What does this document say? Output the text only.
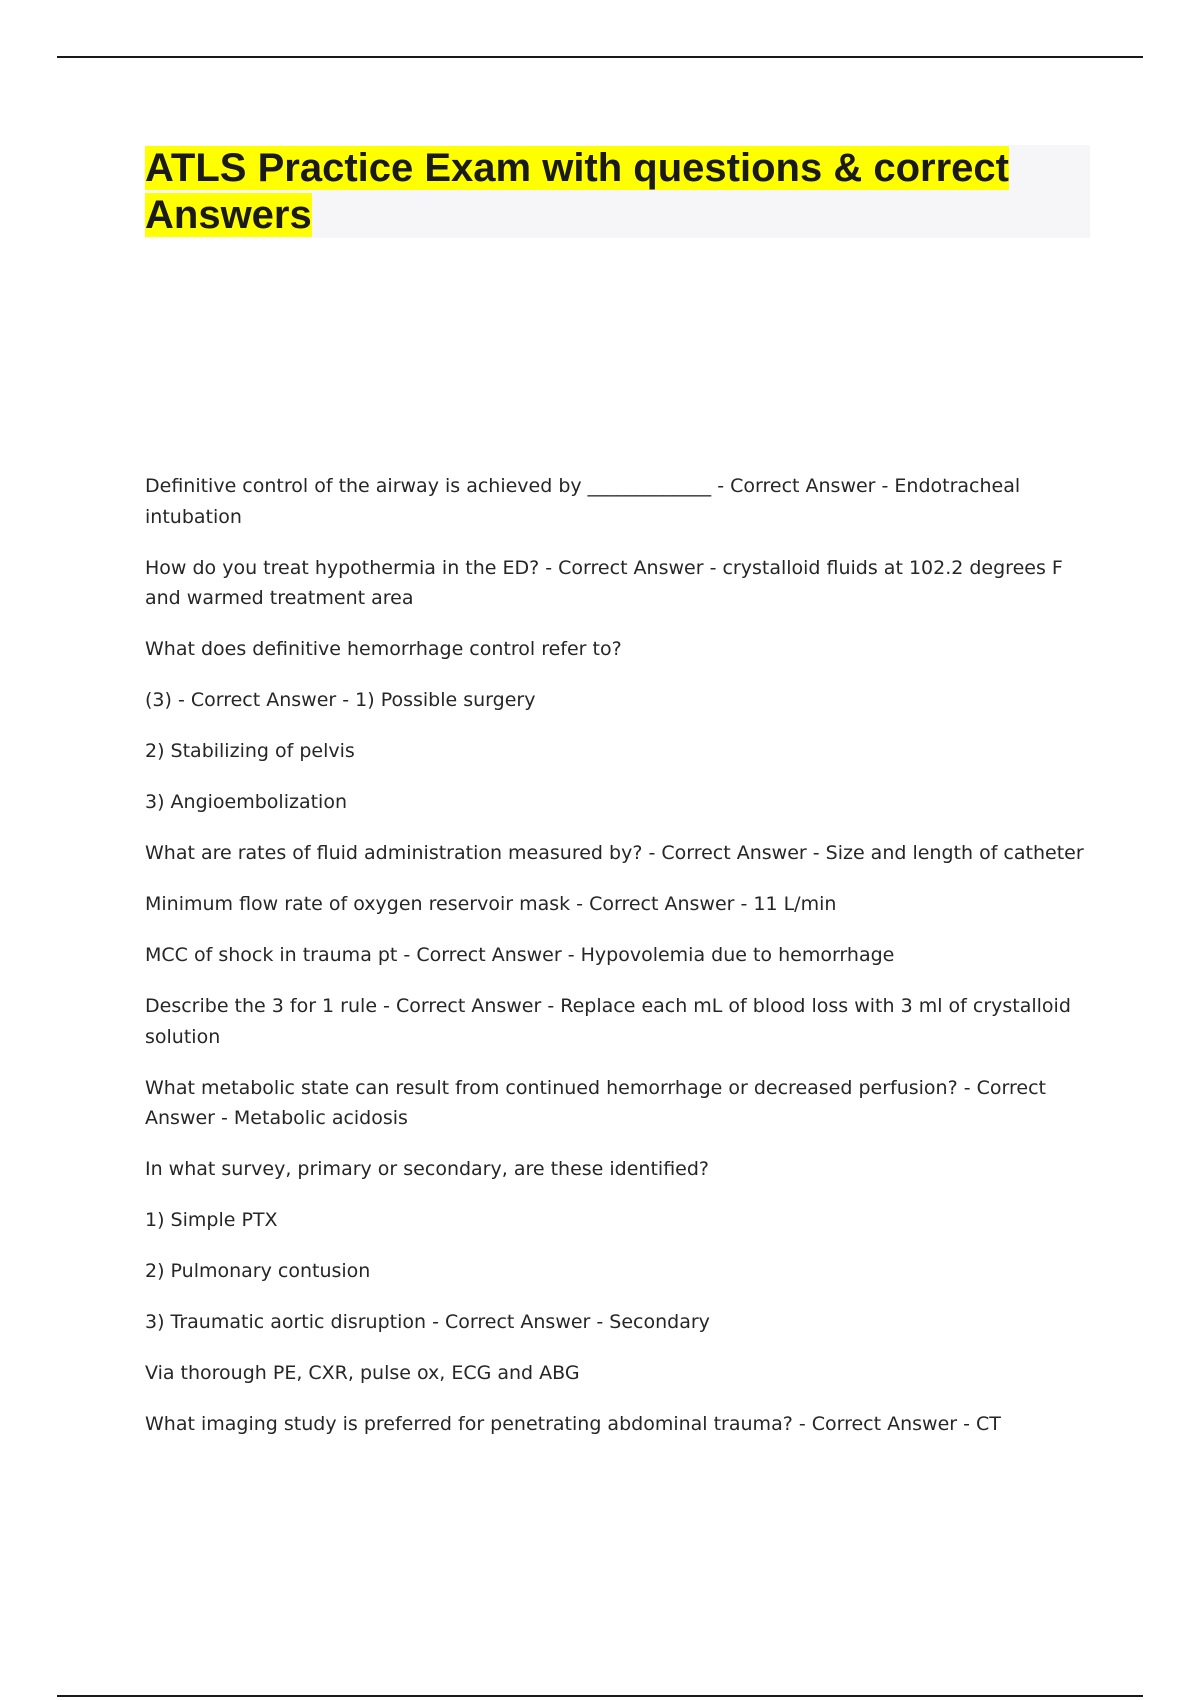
ATLS Practice Exam with questions & correct
Answers

Definitive control of the airway is achieved by _____________ - Correct Answer - Endotracheal intubation

How do you treat hypothermia in the ED? - Correct Answer - crystalloid fluids at 102.2 degrees F and warmed treatment area

What does definitive hemorrhage control refer to?

(3) - Correct Answer - 1) Possible surgery

2) Stabilizing of pelvis

3) Angioembolization

What are rates of fluid administration measured by? - Correct Answer - Size and length of catheter

Minimum flow rate of oxygen reservoir mask - Correct Answer - 11 L/min

MCC of shock in trauma pt - Correct Answer - Hypovolemia due to hemorrhage

Describe the 3 for 1 rule - Correct Answer - Replace each mL of blood loss with 3 ml of crystalloid solution

What metabolic state can result from continued hemorrhage or decreased perfusion? - Correct Answer - Metabolic acidosis

In what survey, primary or secondary, are these identified?

1) Simple PTX

2) Pulmonary contusion

3) Traumatic aortic disruption - Correct Answer - Secondary

Via thorough PE, CXR, pulse ox, ECG and ABG

What imaging study is preferred for penetrating abdominal trauma? - Correct Answer - CT
